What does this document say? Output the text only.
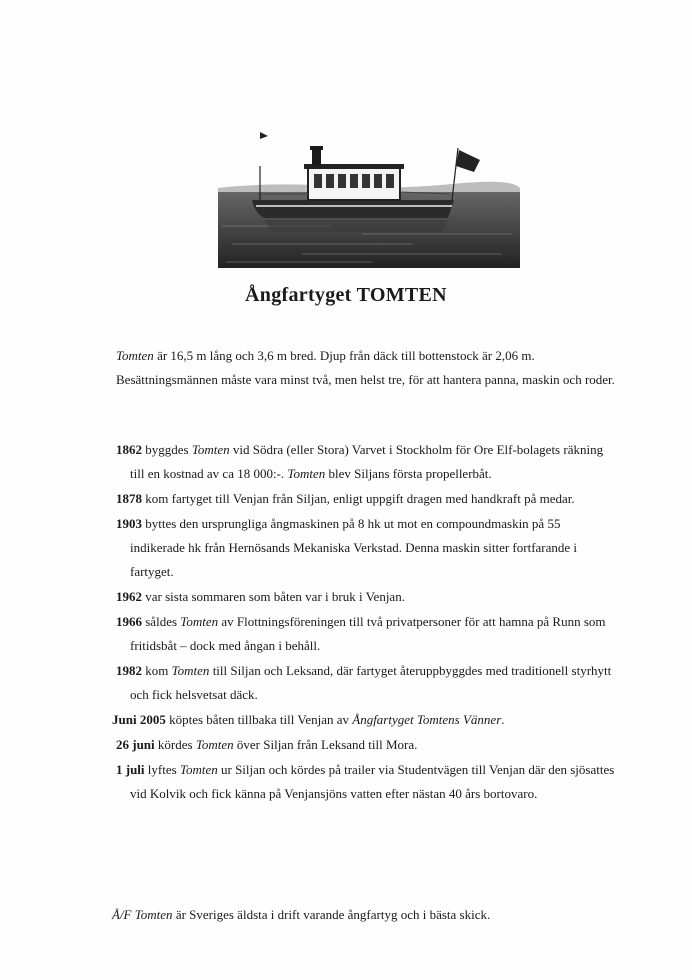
Ångfartyget TOMTEN
Tomten är 16,5 m lång och 3,6 m bred. Djup från däck till bottenstock är 2,06 m. Besättningsmännen måste vara minst två, men helst tre, för att hantera panna, maskin och roder.
1862 byggdes Tomten vid Södra (eller Stora) Varvet i Stockholm för Ore Elf-bolagets räkning till en kostnad av ca 18 000:-. Tomten blev Siljans första propellerbåt.
1878 kom fartyget till Venjan från Siljan, enligt uppgift dragen med handkraft på medar.
1903 byttes den ursprungliga ångmaskinen på 8 hk ut mot en compoundmaskin på 55 indikerade hk från Hernösands Mekaniska Verkstad. Denna maskin sitter fortfarande i fartyget.
1962 var sista sommaren som båten var i bruk i Venjan.
1966 såldes Tomten av Flottningsföreningen till två privatpersoner för att hamna på Runn som fritidsbåt – dock med ångan i behåll.
1982 kom Tomten till Siljan och Leksand, där fartyget återuppbyggdes med traditionell styrhytt och fick helsvetsat däck.
Juni 2005 köptes båten tillbaka till Venjan av Ångfartyget Tomtens Vänner.
26 juni kördes Tomten över Siljan från Leksand till Mora.
1 juli lyftes Tomten ur Siljan och kördes på trailer via Studentvägen till Venjan där den sjösattes vid Kolvik och fick känna på Venjansjöns vatten efter nästan 40 års bortovaro.
Å/F Tomten är Sveriges äldsta i drift varande ångfartyg och i bästa skick.
